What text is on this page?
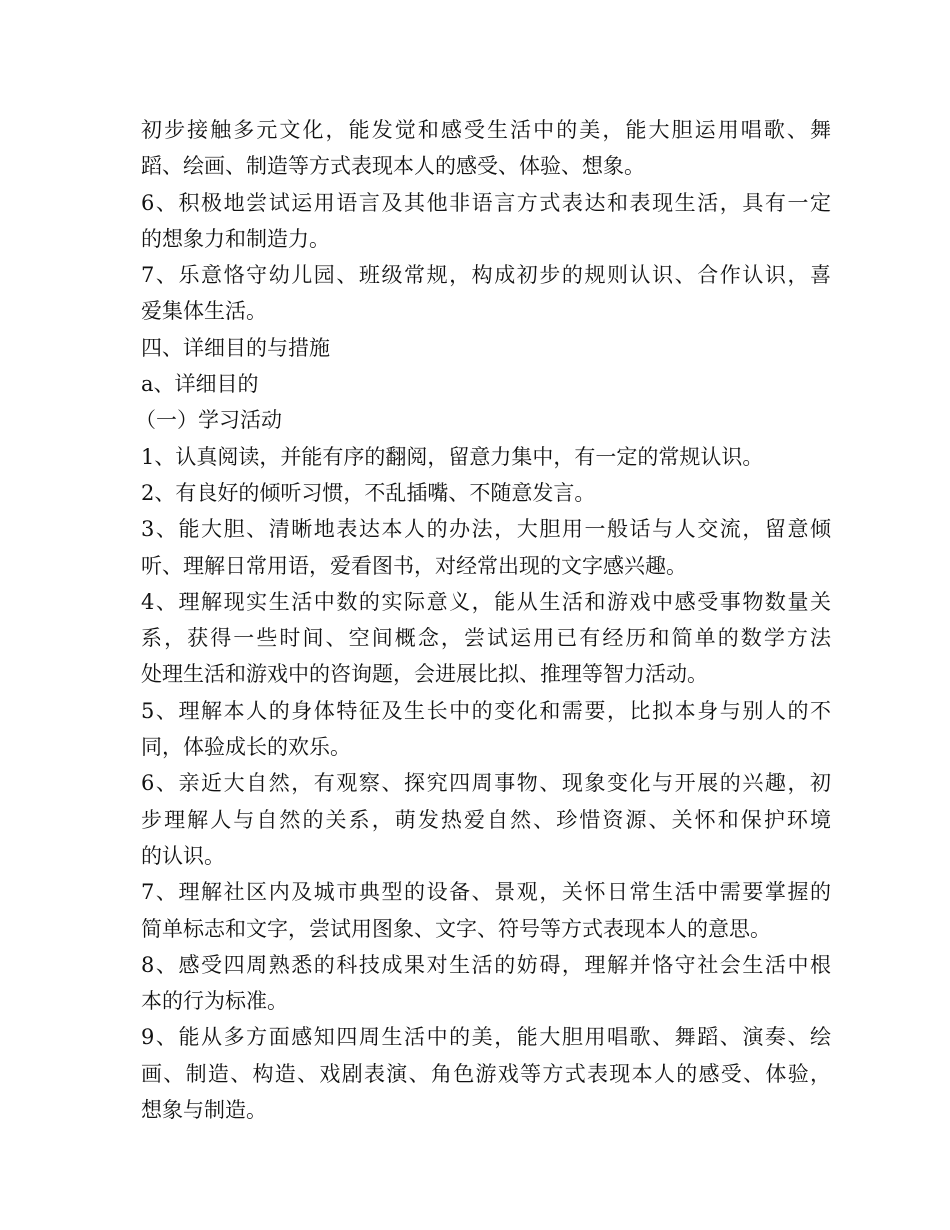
初步接触多元文化，能发觉和感受生活中的美，能大胆运用唱歌、舞
蹈、绘画、制造等方式表现本人的感受、体验、想象。
6、积极地尝试运用语言及其他非语言方式表达和表现生活，具有一定
的想象力和制造力。
7、乐意恪守幼儿园、班级常规，构成初步的规则认识、合作认识，喜
爱集体生活。
四、详细目的与措施
a、详细目的
（一）学习活动
1、认真阅读，并能有序的翻阅，留意力集中，有一定的常规认识。
2、有良好的倾听习惯，不乱插嘴、不随意发言。
3、能大胆、清晰地表达本人的办法，大胆用一般话与人交流，留意倾
听、理解日常用语，爱看图书，对经常出现的文字感兴趣。
4、理解现实生活中数的实际意义，能从生活和游戏中感受事物数量关
系，获得一些时间、空间概念，尝试运用已有经历和简单的数学方法
处理生活和游戏中的咨询题，会进展比拟、推理等智力活动。
5、理解本人的身体特征及生长中的变化和需要，比拟本身与别人的不
同，体验成长的欢乐。
6、亲近大自然，有观察、探究四周事物、现象变化与开展的兴趣，初
步理解人与自然的关系，萌发热爱自然、珍惜资源、关怀和保护环境
的认识。
7、理解社区内及城市典型的设备、景观，关怀日常生活中需要掌握的
简单标志和文字，尝试用图象、文字、符号等方式表现本人的意思。
8、感受四周熟悉的科技成果对生活的妨碍，理解并恪守社会生活中根
本的行为标准。
9、能从多方面感知四周生活中的美，能大胆用唱歌、舞蹈、演奏、绘
画、制造、构造、戏剧表演、角色游戏等方式表现本人的感受、体验，
想象与制造。
